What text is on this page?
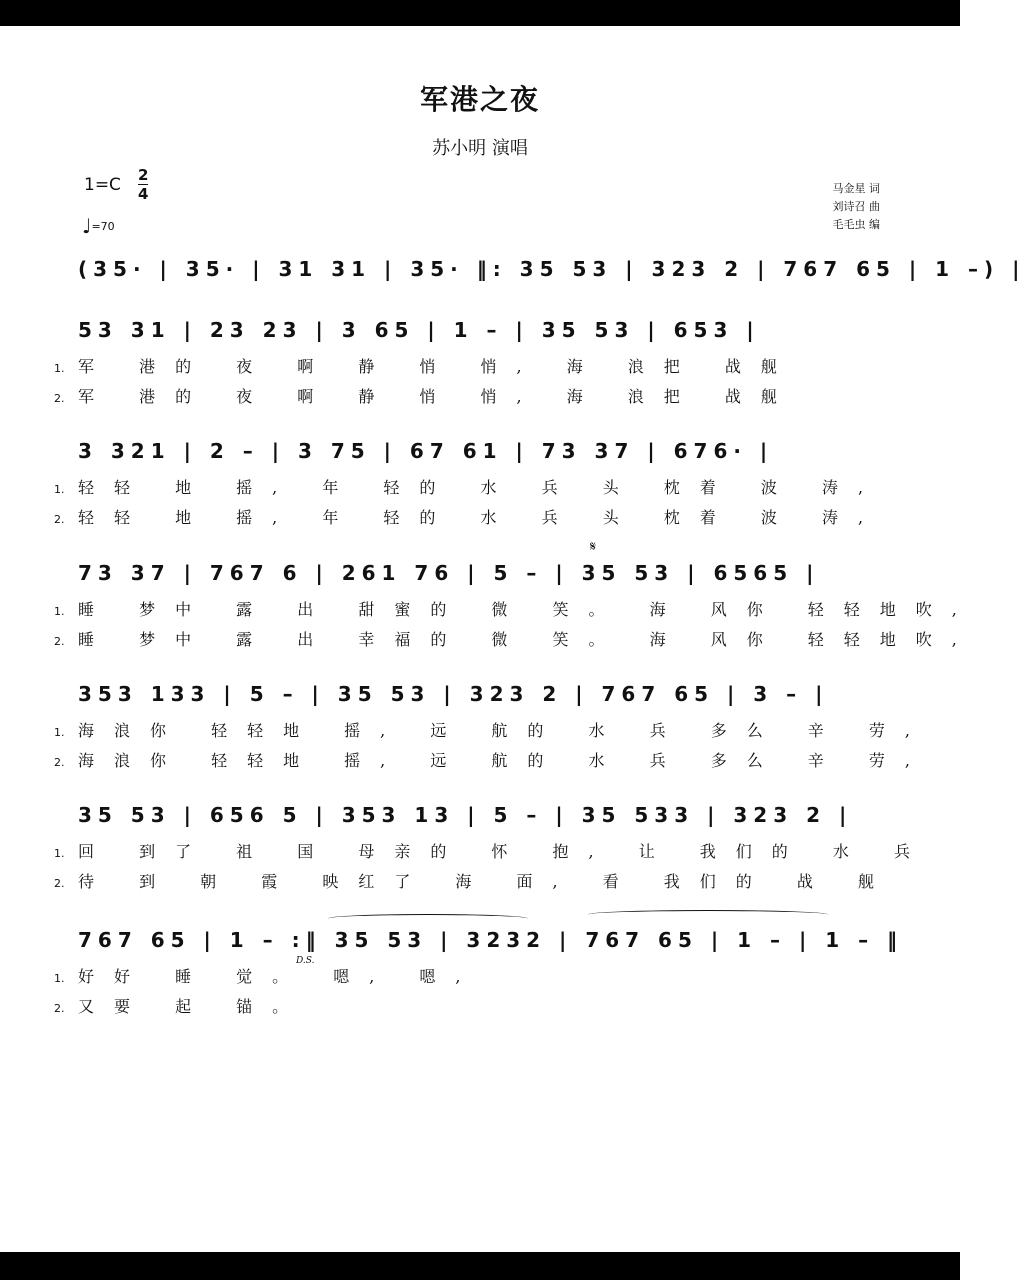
军港之夜
苏小明 演唱
$1=C \frac{2}{4}$
♩=70
马金星 词
刘诗召 曲
毛毛虫 编
(35· | 35· | 31 31 | 35· ‖: 35 53 | 323 2 | 767 65 | 1 –) |
53 31 | 23 23 | 3 65 | 1 – | 35 53 | 653 |
1. 军 港的 夜 啊 静 悄 悄, 海 浪把 战舰
2. 军 港的 夜 啊 静 悄 悄, 海 浪把 战舰
3 321 | 2 – | 3 75 | 67 61 | 73 37 | 676· |
1. 轻轻 地 摇, 年 轻的 水 兵 头 枕着 波 涛,
2. 轻轻 地 摇, 年 轻的 水 兵 头 枕着 波 涛,
73 37 | 767 6 | 261 76 | 5 – | 35 53 | 6565 |
𝄋
1. 睡 梦中 露 出 甜蜜的 微 笑。 海 风你 轻轻地吹,
2. 睡 梦中 露 出 幸福的 微 笑。 海 风你 轻轻地吹,
353 133 | 5 – | 35 53 | 323 2 | 767 65 | 3 – |
1. 海浪你 轻轻地 摇, 远 航的 水 兵 多么 辛 劳,
2. 海浪你 轻轻地 摇, 远 航的 水 兵 多么 辛 劳,
35 53 | 656 5 | 353 13 | 5 – | 35 533 | 323 2 |
1. 回 到了 祖 国 母亲的 怀 抱, 让 我们的 水 兵
2. 待 到 朝 霞 映红了 海 面, 看 我们的 战 舰
767 65 | 1 – :‖ 35 53 | 3232 | 767 65 | 1 – | 1 – ‖
D.S.
1. 好好 睡 觉。 嗯, 嗯,
2. 又要 起 锚。
